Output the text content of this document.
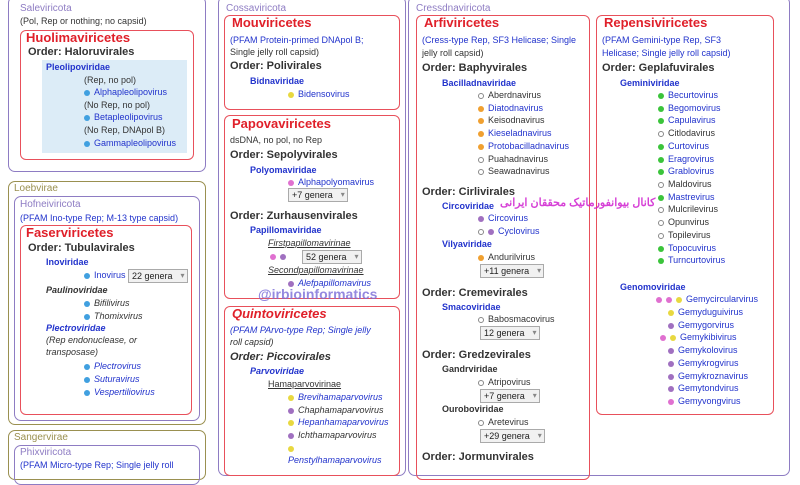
Saleviricota
(Pol, Rep or nothing; no capsid)
Huolimaviricetes
Order: Haloruvirales
Pleolipoviridae
(Rep, no pol)
Alphapleolipovirus
(No Rep, no pol)
Betapleolipovirus
(No Rep, DNApol B)
Gammapleolipovirus
Loebvirae
Hofneiviricota
(PFAM Ino-type Rep; M-13 type capsid)
Faserviricetes
Order: Tubulavirales
Inoviridae
Inovirus 22 genera ▾
Paulinoviridae
Bifilivirus
Thomixvirus
Plectroviridae
(Rep endonuclease, or
transposase)
Plectrovirus
Suturavirus
Vespertiliovirus
Sangervirae
Phixviricota
(PFAM Micro-type Rep; Single jelly roll
Cossaviricota
Mouviricetes
(PFAM Protein-primed DNApol B;
Single jelly roll capsid)
Order: Polivirales
Bidnaviridae
Bidensovirus
Papovaviricetes
dsDNA, no pol, no Rep
Order: Sepolyvirales
Polyomaviridae
Alphapolyomavirus
+7 genera ▾
Order: Zurhausenvirales
Papillomaviridae
Firstpapillomavirinae
52 genera ▾
Secondpapillomavirinae
Alefpapillomavirus
Quintoviricetes
(PFAM PArvo-type Rep; Single jelly
roll capsid)
Order: Piccovirales
Parvoviridae
Hamaparvovirinae
Brevihamaparvovirus
Chaphamaparvovirus
Hepanhamaparvovirus
Ichthamaparvovirus
Penstylhamaparvovirus
Cressdnaviricota
Arfiviricetes
(Cress-type Rep, SF3 Helicase; Single
jelly roll capsid)
Order: Baphyvirales
Bacilladnaviridae
Aberdnavirus
Diatodnavirus
Keisodnavirus
Kieseladnavirus
Protobacilladnavirus
Puahadnavirus
Seawadnavirus
Order: Cirlivirales
Circoviridae
Circovirus
Cyclovirus
Vilyaviridae
Anduril​virus
+11 genera ▾
Order: Cremevirales
Smacoviridae
Babosmacovirus
12 genera ▾
Order: Gredzevirales
Gandrviridae
Atripovirus
+7 genera ▾
Ouroboviridae
Aretevirus
+29 genera ▾
Order: Jormunvirales
Repensiviricetes
(PFAM Gemini-type Rep, SF3
Helicase; Single jelly roll capsid)
Order: Geplafuvirales
Geminiviridae
Becurtovirus
Begomovirus
Capulavirus
Citlodavirus
Curtovirus
Eragrovirus
Grablovirus
Maldovirus
Mastrevirus
Mulcrilevirus
Opunvirus
Topilevirus
Topocuvirus
Turncurtovirus
Genomoviridae
Gemycircularvirus
Gemyduguivirus
Gemygorvirus
Gemykibivirus
Gemykolovirus
Gemykrogvirus
Gemykroznavirus
Gemytondvirus
Gemyvongvirus
کانال بیوانفورماتیک محققان ایرانی
@irbioinformatics
